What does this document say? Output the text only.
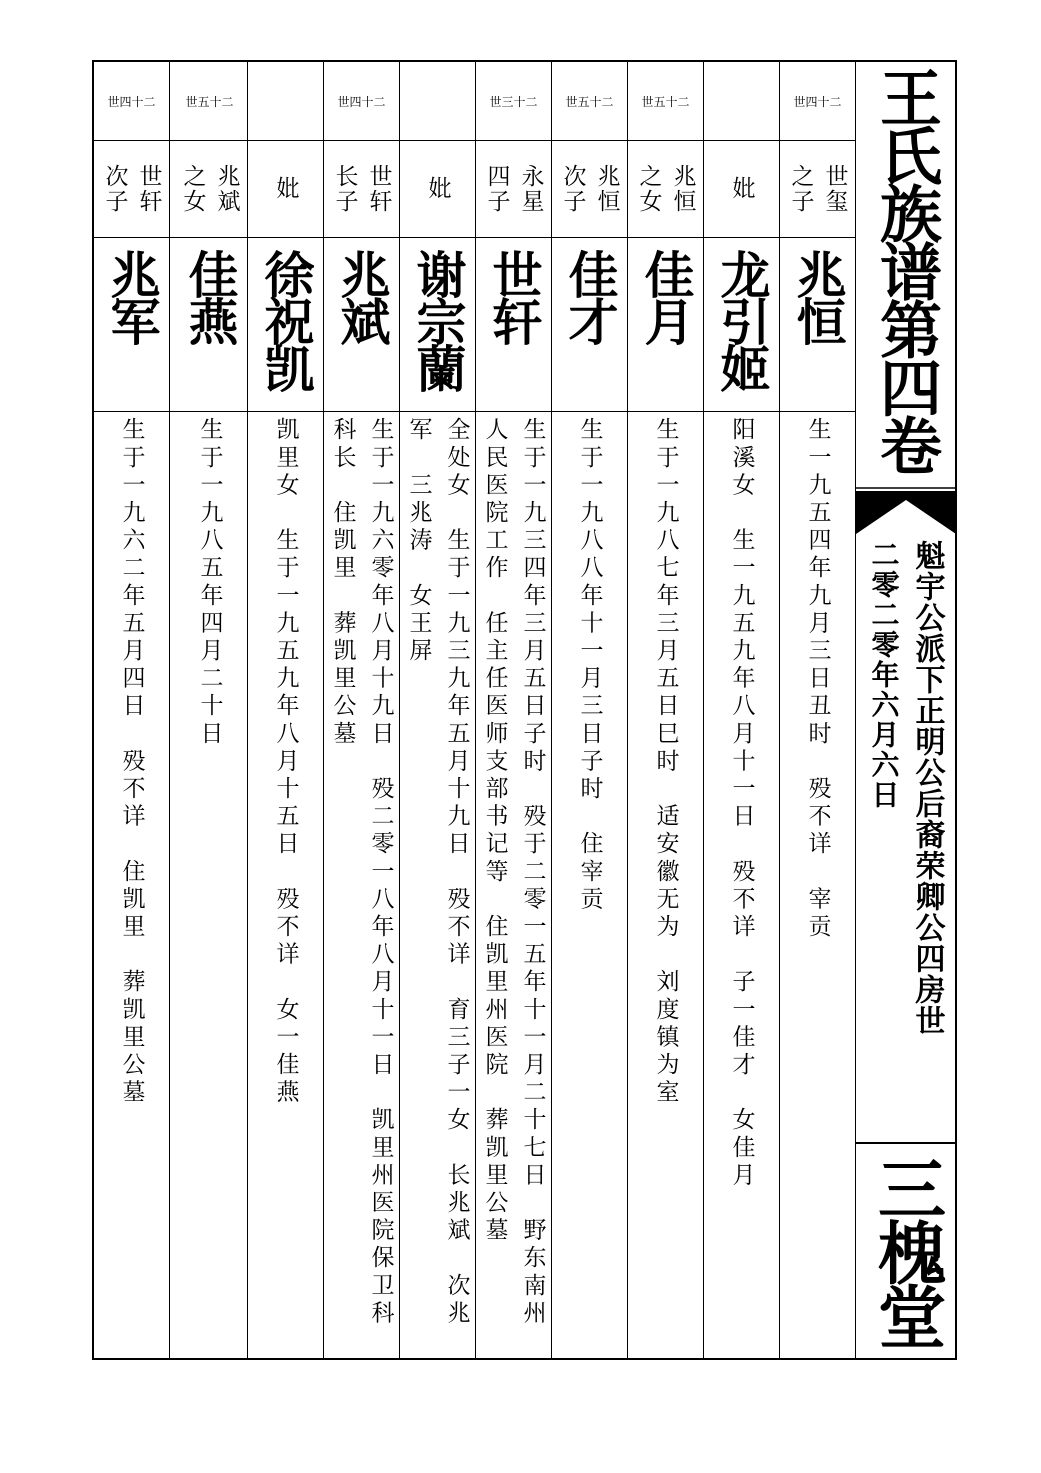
世四十二
世玺
之子
兆恒
生一九五四年九月三日丑时　殁不详　宰贡
妣
龙引姬
阳溪女　生一九五九年八月十一日　殁不详　子一佳才　女佳月
世五十二
兆恒
之女
佳月
生于一九八七年三月五日巳时　适安徽无为　刘度镇为室
世五十二
兆恒
次子
佳才
生于一九八八年十一月三日子时　住宰贡
世三十二
永星
四子
世轩
生于一九三四年三月五日子时　殁于二零一五年十一月二十七日　野东南州
人民医院工作　任主任医师支部书记等　住凯里州医院　葬凯里公墓
妣
谢宗蘭
全处女　生于一九三九年五月十九日　殁不详　育三子一女　长兆斌　次兆
军　三兆涛　女王屏
世四十二
世轩
长子
兆斌
生于一九六零年八月十九日　殁二零一八年八月十一日　凯里州医院保卫科
科长　住凯里　葬凯里公墓
妣
徐祝凯
凯里女　生于一九五九年八月十五日　殁不详　女一佳燕
世五十二
兆斌
之女
佳燕
生于一九八五年四月二十日
世四十二
世轩
次子
兆军
生于一九六二年五月四日　殁不详　住凯里　葬凯里公墓
王氏族谱第四卷
魁宇公派下正明公后裔荣卿公四房世
二零二零年六月六日
三槐堂
